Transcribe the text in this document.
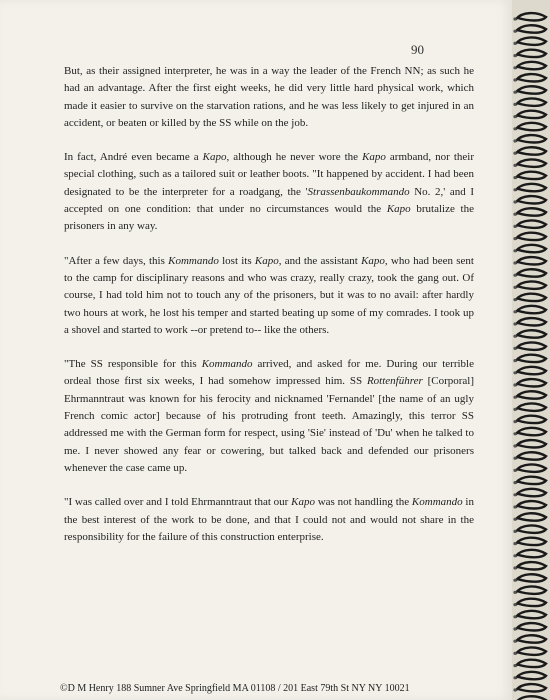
90

But, as their assigned interpreter, he was in a way the leader of the French NN; as such he had an advantage. After the first eight weeks, he did very little hard physical work, which made it easier to survive on the starvation rations, and he was less likely to get injured in an accident, or beaten or killed by the SS while on the job.

In fact, André even became a Kapo, although he never wore the Kapo armband, nor their special clothing, such as a tailored suit or leather boots. "It happened by accident. I had been designated to be the interpreter for a roadgang, the 'Strassenbaukommando No. 2,' and I accepted on one condition: that under no circumstances would the Kapo brutalize the prisoners in any way.

"After a few days, this Kommando lost its Kapo, and the assistant Kapo, who had been sent to the camp for disciplinary reasons and who was crazy, really crazy, took the gang out. Of course, I had told him not to touch any of the prisoners, but it was to no avail: after hardly two hours at work, he lost his temper and started beating up some of my comrades. I took up a shovel and started to work --or pretend to-- like the others.

"The SS responsible for this Kommando arrived, and asked for me. During our terrible ordeal those first six weeks, I had somehow impressed him. SS Rottenführer [Corporal] Ehrmanntraut was known for his ferocity and nicknamed 'Fernandel' [the name of an ugly French comic actor] because of his protruding front teeth. Amazingly, this terror SS addressed me with the German form for respect, using 'Sie' instead of 'Du' when he talked to me. I never showed any fear or cowering, but talked back and defended our prisoners whenever the case came up.

"I was called over and I told Ehrmanntraut that our Kapo was not handling the Kommando in the best interest of the work to be done, and that I could not and would not share in the responsibility for the failure of this construction enterprise.

©D M Henry 188 Sumner Ave Springfield MA 01108 / 201 East 79th St NY NY 10021
